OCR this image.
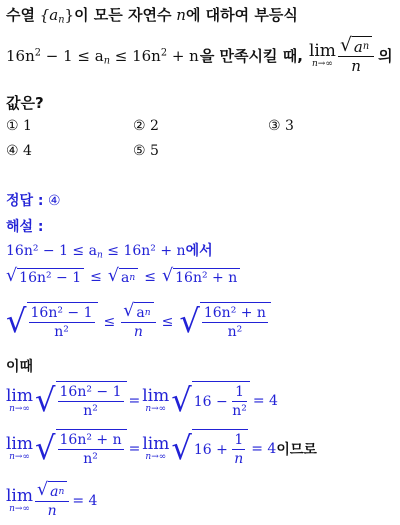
수열 $\{a_n\}$이 모든 자연수 n에 대하여 부등식
$16n^2 - 1 \le a_n \le 16n^2 + n$ 을 만족시킬 때, lim
$n\to\infty \frac{\text{√ a n}}{n}$ 의
값은?
① 1	② 2	③ 3
④ 4	⑤ 5
정답 : ④
해설 :
$16n^2 - 1 \le a_n \le 16n^2 + n$에서
√ 16n² − 1 ≤ √ a n ≤ √ 16n² + n
√ $\frac{\text{16n² − 1}}{\text{n²}} \le \frac{\text{√ a n}}{n}$ ≤ √ $\frac{\text{16n² + n}}{\text{n²}}$
이때
lim
n→∞ √ $\frac{\text{16n² − 1}}{\text{n²}} = \lim$
n→∞ √ 16 −
$\frac{1}{\text{n²}} = 4$
lim
n→∞ √ $\frac{\text{16n² + n}}{\text{n²}} = \lim$
n→∞ √ 16 +
$\frac{1}{n} = 4$ 이므로
lim
$n\to\infty \frac{\text{√ a n}}{n} = 4$
